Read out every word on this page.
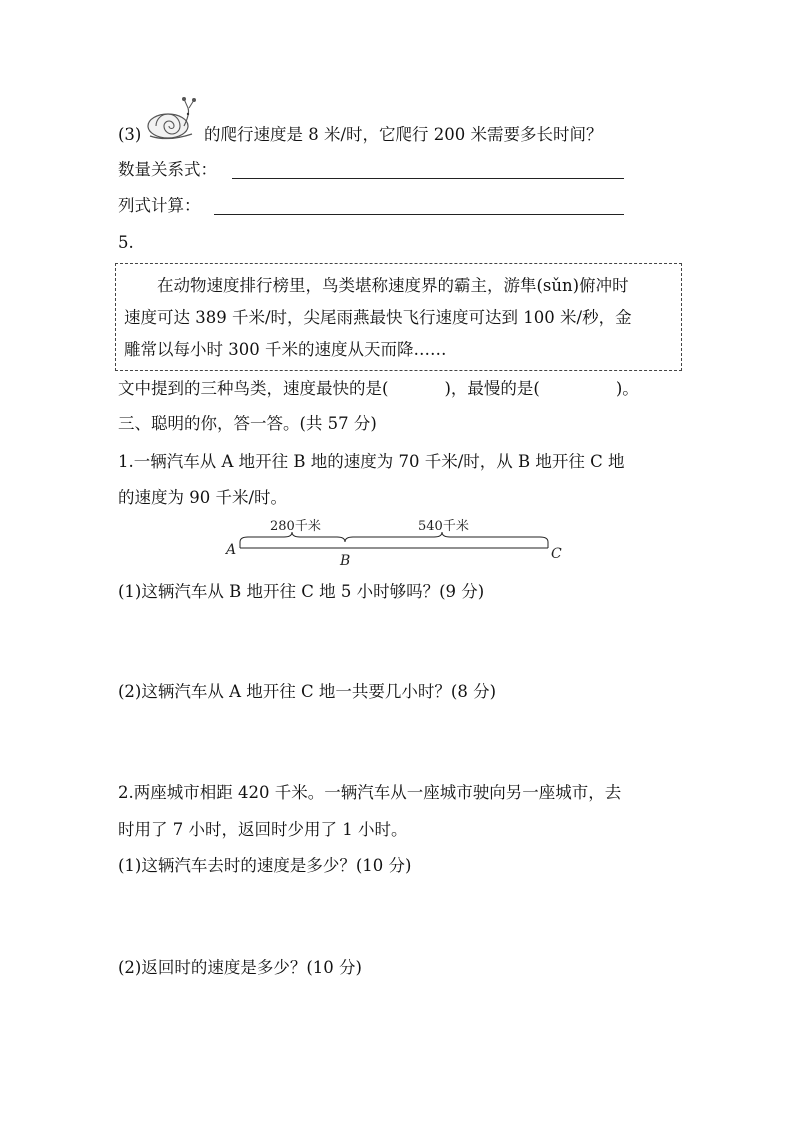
(3)	的爬行速度是 8 米/时，它爬行 200 米需要多长时间？
数量关系式：
列式计算：
5.
在动物速度排行榜里，鸟类堪称速度界的霸主，游隼(sǔn)俯冲时
速度可达 389 千米/时，尖尾雨燕最快飞行速度可达到 100 米/秒，金
雕常以每小时 300 千米的速度从天而降……
文中提到的三种鸟类，速度最快的是(	)，最慢的是(	)。
三、聪明的你，答一答。(共 57 分)
1.一辆汽车从 A 地开往 B 地的速度为 70 千米/时，从 B 地开往 C 地
的速度为 90 千米/时。
280千米	540千米
A
B	C
(1)这辆汽车从 B 地开往 C 地 5 小时够吗？(9 分)
(2)这辆汽车从 A 地开往 C 地一共要几小时？(8 分)
2.两座城市相距 420 千米。一辆汽车从一座城市驶向另一座城市，去
时用了 7 小时，返回时少用了 1 小时。
(1)这辆汽车去时的速度是多少？(10 分)
(2)返回时的速度是多少？(10 分)
